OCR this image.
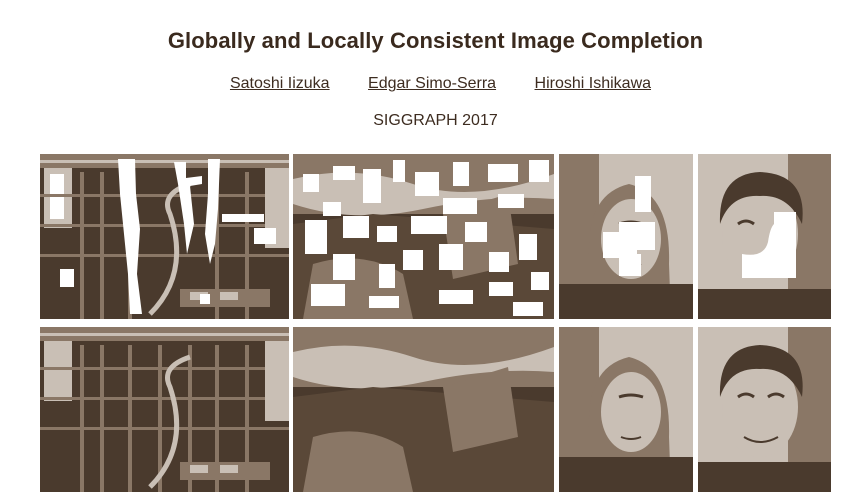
Globally and Locally Consistent Image Completion
Satoshi Iizuka Edgar Simo-Serra Hiroshi Ishikawa
SIGGRAPH 2017
